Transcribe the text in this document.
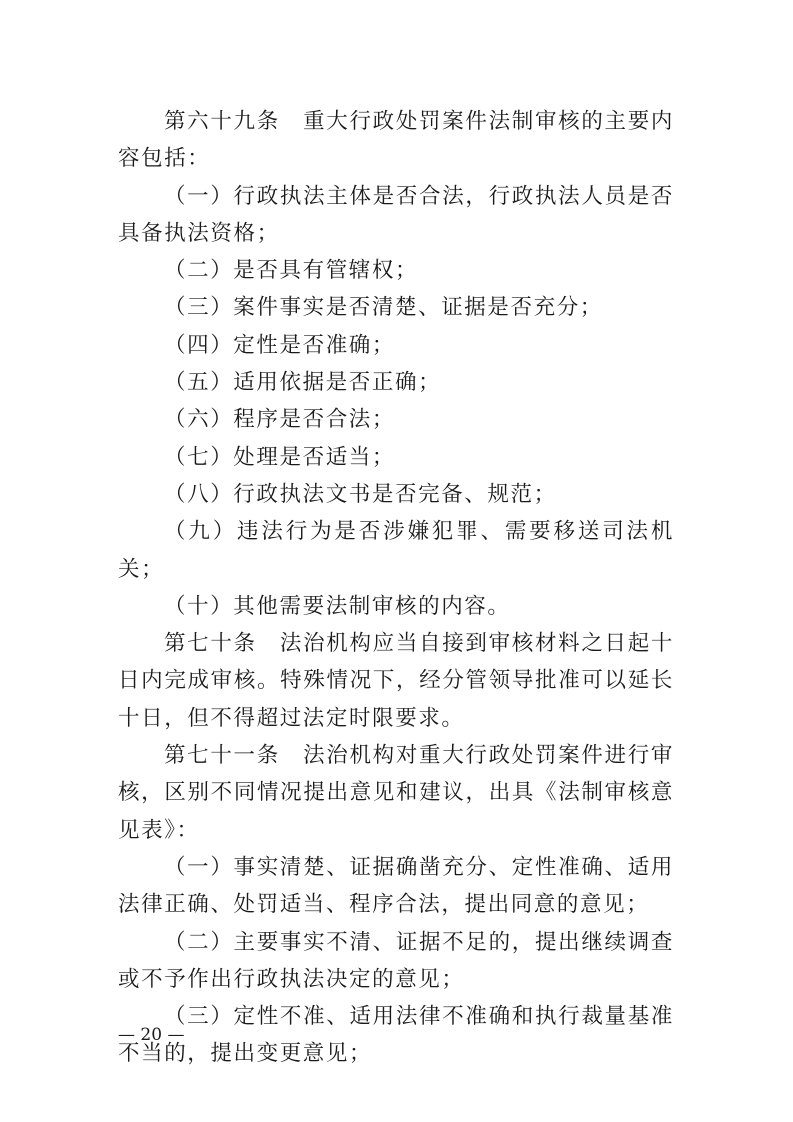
第六十九条　重大行政处罚案件法制审核的主要内容包括：

（一）行政执法主体是否合法，行政执法人员是否具备执法资格；

（二）是否具有管辖权；

（三）案件事实是否清楚、证据是否充分；

（四）定性是否准确；

（五）适用依据是否正确；

（六）程序是否合法；

（七）处理是否适当；

（八）行政执法文书是否完备、规范；

（九）违法行为是否涉嫌犯罪、需要移送司法机关；

（十）其他需要法制审核的内容。

第七十条　法治机构应当自接到审核材料之日起十日内完成审核。特殊情况下，经分管领导批准可以延长十日，但不得超过法定时限要求。

第七十一条　法治机构对重大行政处罚案件进行审核，区别不同情况提出意见和建议，出具《法制审核意见表》：

（一）事实清楚、证据确凿充分、定性准确、适用法律正确、处罚适当、程序合法，提出同意的意见；

（二）主要事实不清、证据不足的，提出继续调查或不予作出行政执法决定的意见；

（三）定性不准、适用法律不准确和执行裁量基准不当的，提出变更意见；

— 20 —
